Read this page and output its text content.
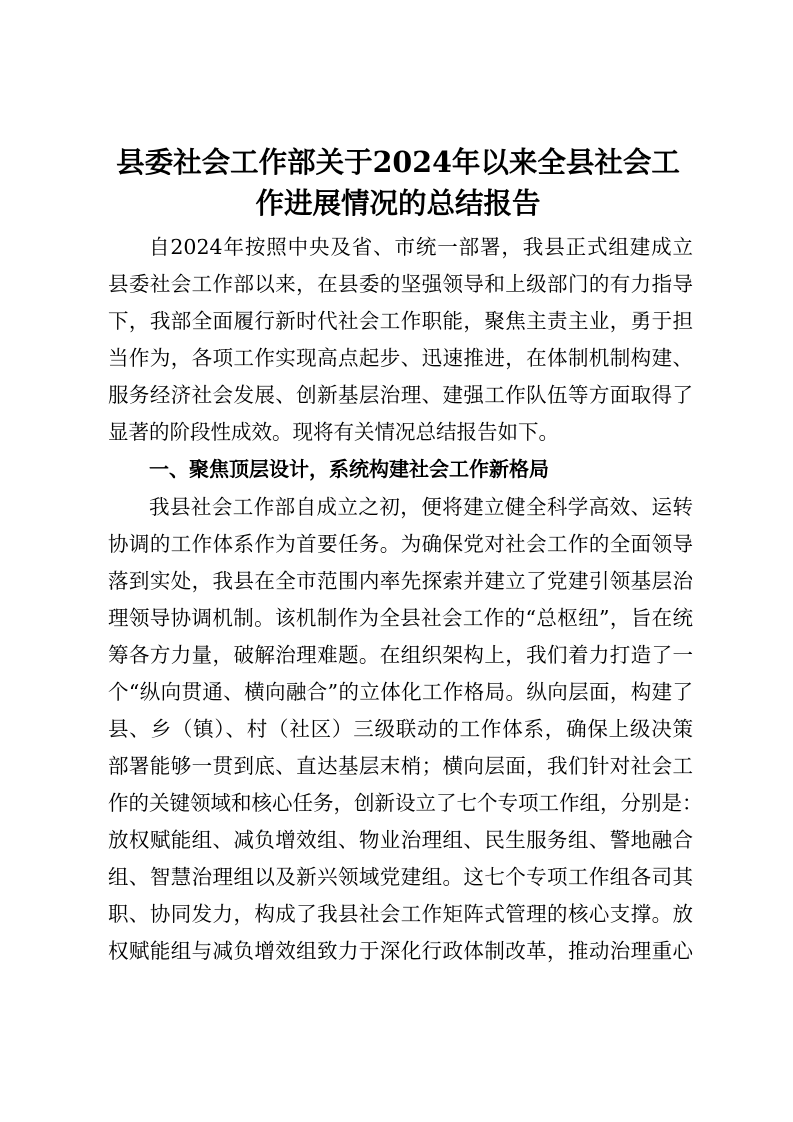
县委社会工作部关于2024年以来全县社会工
作进展情况的总结报告

自2024年按照中央及省、市统一部署，我县正式组建成立

县委社会工作部以来，在县委的坚强领导和上级部门的有力指导

下，我部全面履行新时代社会工作职能，聚焦主责主业，勇于担

当作为，各项工作实现高点起步、迅速推进，在体制机制构建、

服务经济社会发展、创新基层治理、建强工作队伍等方面取得了

显著的阶段性成效。现将有关情况总结报告如下。

一、聚焦顶层设计，系统构建社会工作新格局

我县社会工作部自成立之初，便将建立健全科学高效、运转

协调的工作体系作为首要任务。为确保党对社会工作的全面领导

落到实处，我县在全市范围内率先探索并建立了党建引领基层治

理领导协调机制。该机制作为全县社会工作的“总枢纽”，旨在统

筹各方力量，破解治理难题。在组织架构上，我们着力打造了一

个“纵向贯通、横向融合”的立体化工作格局。纵向层面，构建了

县、乡（镇）、村（社区）三级联动的工作体系，确保上级决策

部署能够一贯到底、直达基层末梢；横向层面，我们针对社会工

作的关键领域和核心任务，创新设立了七个专项工作组，分别是：

放权赋能组、减负增效组、物业治理组、民生服务组、警地融合

组、智慧治理组以及新兴领域党建组。这七个专项工作组各司其

职、协同发力，构成了我县社会工作矩阵式管理的核心支撑。放

权赋能组与减负增效组致力于深化行政体制改革，推动治理重心
